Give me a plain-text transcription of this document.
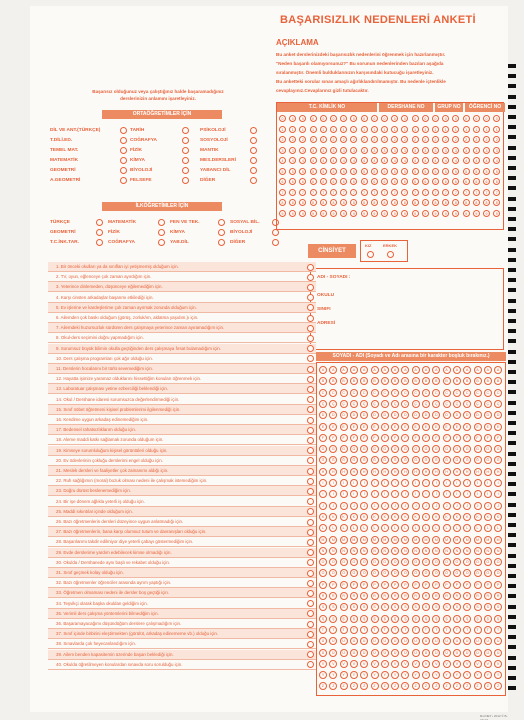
BAŞARISIZLIK NEDENLERİ ANKETİ
AÇIKLAMA
Bu anket derslerinizdeki başarısızlık nedenlerini öğrenmek için hazırlanmıştır.
"Neden başarılı olamıyorsunuz?" Bu sorunun nedenlerinden bazıları aşağıda
sıralanmıştır. Önemli bulduklarınızın karşısındaki kutucuğu işaretleyiniz.
Bu anketteki sorular sınav amaçlı ağırlıklandırılmamıştır. Bu nedenle içtenlikle
cevaplayınız.Cevaplarınız gizli tutulacaktır.
Başarısız olduğunuz veya çalıştığınız halde başaramadığınız
derslerinizin anlamını işaretleyiniz.
ORTAÖĞRETİMLER İÇİN
DİL VE ANT.(TÜRKÇE)	TARİH	PSİKOLOJİ
T.DİLİ.ED.	COĞRAFYA	SOSYOLOJİ
TEMEL MAT.	FİZİK	MANTIK
MATEMATİK	KİMYA	MES.DERSLERİ
GEOMETRİ	BİYOLOJİ	YABANCI DİL
A.GEOMETRİ	FELSEFE	DİĞER
İLKÖĞRETİMLER İÇİN
TÜRKÇE	MATEMATİK	FEN VE TEK.	SOSYAL BİL.
GEOMETRİ	FİZİK	KİMYA	BİYOLOJİ
T.C.İNK.TAR.	COĞRAFYA	YAB.DİL	DİĞER
T.C. KİMLİK NO	DERSHANE NO	GRUP NO	ÖĞRENCİ NO
0	0	0	0	0	0	0	0	0	0	0	0	0	0	0	0	0	0	0	0	0	0
1	1	1	1	1	1	1	1	1	1	1	1	1	1	1	1	1	1	1	1	1	1
2	2	2	2	2	2	2	2	2	2	2	2	2	2	2	2	2	2	2	2	2	2
3	3	3	3	3	3	3	3	3	3	3	3	3	3	3	3	3	3	3	3	3	3
4	4	4	4	4	4	4	4	4	4	4	4	4	4	4	4	4	4	4	4	4	4
5	5	5	5	5	5	5	5	5	5	5	5	5	5	5	5	5	5	5	5	5	5
6	6	6	6	6	6	6	6	6	6	6	6	6	6	6	6	6	6	6	6	6	6
7	7	7	7	7	7	7	7	7	7	7	7	7	7	7	7	7	7	7	7	7	7
8	8	8	8	8	8	8	8	8	8	8	8	8	8	8	8	8	8	8	8	8	8
9	9	9	9	9	9	9	9	9	9	9	9	9	9	9	9	9	9	9	9	9	9
CİNSİYET
KIZ	ERKEK
ADI - SOYADI :
OKULU
SINIFI
ADRESİ
SOYADI - ADI (Soyadı ve Adı arasına bir karakter boşluk bırakınız.)
A	A	A	A	A	A	A	A	A	A	A	A	A	A	A	A	A	A
B	B	B	B	B	B	B	B	B	B	B	B	B	B	B	B	B	B
C	C	C	C	C	C	C	C	C	C	C	C	C	C	C	C	C	C
Ç	Ç	Ç	Ç	Ç	Ç	Ç	Ç	Ç	Ç	Ç	Ç	Ç	Ç	Ç	Ç	Ç	Ç
D	D	D	D	D	D	D	D	D	D	D	D	D	D	D	D	D	D
E	E	E	E	E	E	E	E	E	E	E	E	E	E	E	E	E	E
F	F	F	F	F	F	F	F	F	F	F	F	F	F	F	F	F	F
G	G	G	G	G	G	G	G	G	G	G	G	G	G	G	G	G	G
Ğ	Ğ	Ğ	Ğ	Ğ	Ğ	Ğ	Ğ	Ğ	Ğ	Ğ	Ğ	Ğ	Ğ	Ğ	Ğ	Ğ	Ğ
H	H	H	H	H	H	H	H	H	H	H	H	H	H	H	H	H	H
I	I	I	I	I	I	I	I	I	I	I	I	I	I	I	I	I	I
İ	İ	İ	İ	İ	İ	İ	İ	İ	İ	İ	İ	İ	İ	İ	İ	İ	İ
J	J	J	J	J	J	J	J	J	J	J	J	J	J	J	J	J	J
K	K	K	K	K	K	K	K	K	K	K	K	K	K	K	K	K	K
L	L	L	L	L	L	L	L	L	L	L	L	L	L	L	L	L	L
M	M	M	M	M	M	M	M	M	M	M	M	M	M	M	M	M	M
N	N	N	N	N	N	N	N	N	N	N	N	N	N	N	N	N	N
O	O	O	O	O	O	O	O	O	O	O	O	O	O	O	O	O	O
Ö	Ö	Ö	Ö	Ö	Ö	Ö	Ö	Ö	Ö	Ö	Ö	Ö	Ö	Ö	Ö	Ö	Ö
P	P	P	P	P	P	P	P	P	P	P	P	P	P	P	P	P	P
R	R	R	R	R	R	R	R	R	R	R	R	R	R	R	R	R	R
S	S	S	S	S	S	S	S	S	S	S	S	S	S	S	S	S	S
Ş	Ş	Ş	Ş	Ş	Ş	Ş	Ş	Ş	Ş	Ş	Ş	Ş	Ş	Ş	Ş	Ş	Ş
T	T	T	T	T	T	T	T	T	T	T	T	T	T	T	T	T	T
U	U	U	U	U	U	U	U	U	U	U	U	U	U	U	U	U	U
Ü	Ü	Ü	Ü	Ü	Ü	Ü	Ü	Ü	Ü	Ü	Ü	Ü	Ü	Ü	Ü	Ü	Ü
V	V	V	V	V	V	V	V	V	V	V	V	V	V	V	V	V	V
Y	Y	Y	Y	Y	Y	Y	Y	Y	Y	Y	Y	Y	Y	Y	Y	Y	Y
Z	Z	Z	Z	Z	Z	Z	Z	Z	Z	Z	Z	Z	Z	Z	Z	Z	Z
1. Bir önceki okulları ya da sınıfları iyi yetişmemiş olduğum için.
2. TV, oyun, eğlenceye çok zaman ayırdığım için.
3. Yeterince dinlemeden, düşünceye eğilemediğim için.
4. Karşı cinsten arkadaşlar başarımı etkilediği için.
5. Ev işlerine ve kardeşlerime çok zaman ayırmak zorunda olduğum için.
6. Ailemden çok baskı olduğum (görüş, zorluk/ım, aldatma yaşıdım.)ı için.
7. Ailemdeki huzursuzluk sürdüren ders çalışmaya yeterince zaman ayıramadığım için.
8. Okul-ders seçimini doğru yapmadığım için.
9. Sorumsuz büyük bilimin okulla geçtiğinden ders çalışmaya fırsat bulamadığım için.
10. Ders çalışma programları çok ağır olduğu için.
11. Derslerin hocalarını bir türlü sevemediğim için.
12. Hayatta işimize yaramaz olduklarını hissettiğim konuları öğrenmek için.
13. Laboratuar çalışması yetine ezberciliği beklendiği için.
14. Okul / Dershane idaresi sorumsuzca değerlendirmediği için.
15. Sınıf nöbet öğretmeni kişisel problemlerimi ilgilenmediği için.
16. Kendime uygun arkadaş edinemediğim için.
17. Bedensel rahatsızlıklarım olduğu için.
18. Aleme maddi katkı sağlamak zorunda olduğum için.
19. Kimseye sorumluluğum kişisel görüntüleri olduğu için.
20. Ev ödevlerinin çokluğu derslerimi engel olduğu için.
21. Meslek dersleri ve faaliyetler çok zamanımı aldığı için.
22. Ruh sağlığımın (moral) bozuk olması nedeni ile çalışmak istemediğim için.
23. Doğru dürüst beslenemediğim için.
24. Bir işe dönem ağlıkla yeterli iş olduğu için.
25. Maddi sıkıntılar içinde olduğum için.
26. Bazı öğretmenlerin dersleri düzeyince uygun anlatmadığı için.
27. Bazı öğretmenlerin, bana karşı olumsuz tutum ve davranışları olduğu için.
28. Başarılarımı takdir edilmiyor diye yeterli çabayı göstermediğim için.
29. Evde derslerime yardım edebilecek kimse olmadığı için.
30. Okulda / Dershanede aynı başlı ve rekabet olduğu için.
31. Sınıf geçmek kolay olduğu için.
32. Bazı öğretmenler öğrenciler arasında ayrım yaptığı için.
33. Öğretmen olmaması nedeni ile dersler boş geçtiği için.
34. Teşvikçi olarak başka okuldan geldiğim için.
35. Verimli ders çalışma yöntemlerini bilmediğim için.
36. Başaramayacağımı düşündüğüm derslere çalışmadığım için.
37. Sınıf içinde birbirini eleştirmekten (görülüt, arkadaş edinememe vb.) olduğu için.
38. Sınavlarda çok heyecanlandığım için.
39. Ailem benden kapasitemin üzerinde başarı beklediği için.
40. Okulda öğretilmeyen konulardan sınavda soru sorulduğu için.
Rul.NET • 2012 © B-YT-03
